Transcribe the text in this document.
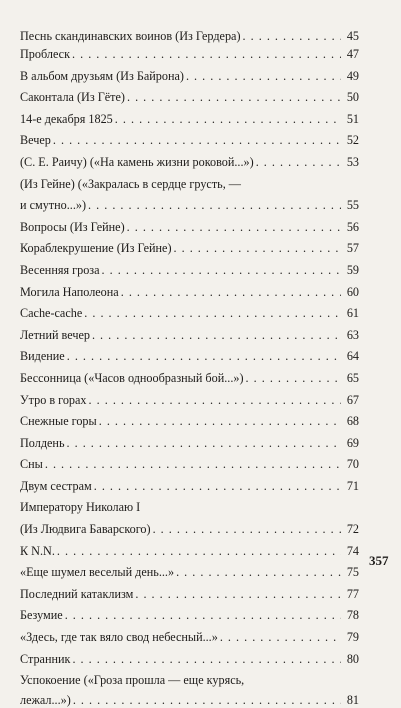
Песнь скандинавских воинов (Из Гердера) . . .	45
Проблеск . . .	47
В альбом друзьям (Из Байрона) . . .	49
Саконтала (Из Гёте) . . .	50
14-е декабря 1825 . . .	51
Вечер . . .	52
(С. Е. Раичу) («На камень жизни роковой...») . . .	53
(Из Гейне) («Закралась в сердце грусть, —
и смутно...») . . .	55
Вопросы (Из Гейне) . . .	56
Кораблекрушение (Из Гейне) . . .	57
Весенняя гроза . . .	59
Могила Наполеона . . .	60
Cache-cache . . .	61
Летний вечер . . .	63
Видение . . .	64
Бессонница («Часов однообразный бой...») . . .	65
Утро в горах . . .	67
Снежные горы . . .	68
Полдень . . .	69
Сны . . .	70
Двум сестрам . . .	71
Императору Николаю I
(Из Людвига Баварского) . . .	72
К N.N. . . .	74
«Еще шумел веселый день...» . . .	75
Последний катаклизм . . .	77
Безумие . . .	78
«Здесь, где так вяло свод небесный...» . . .	79
Странник . . .	80
Успокоение («Гроза прошла — еще курясь,
лежал...») . . .	81
357
